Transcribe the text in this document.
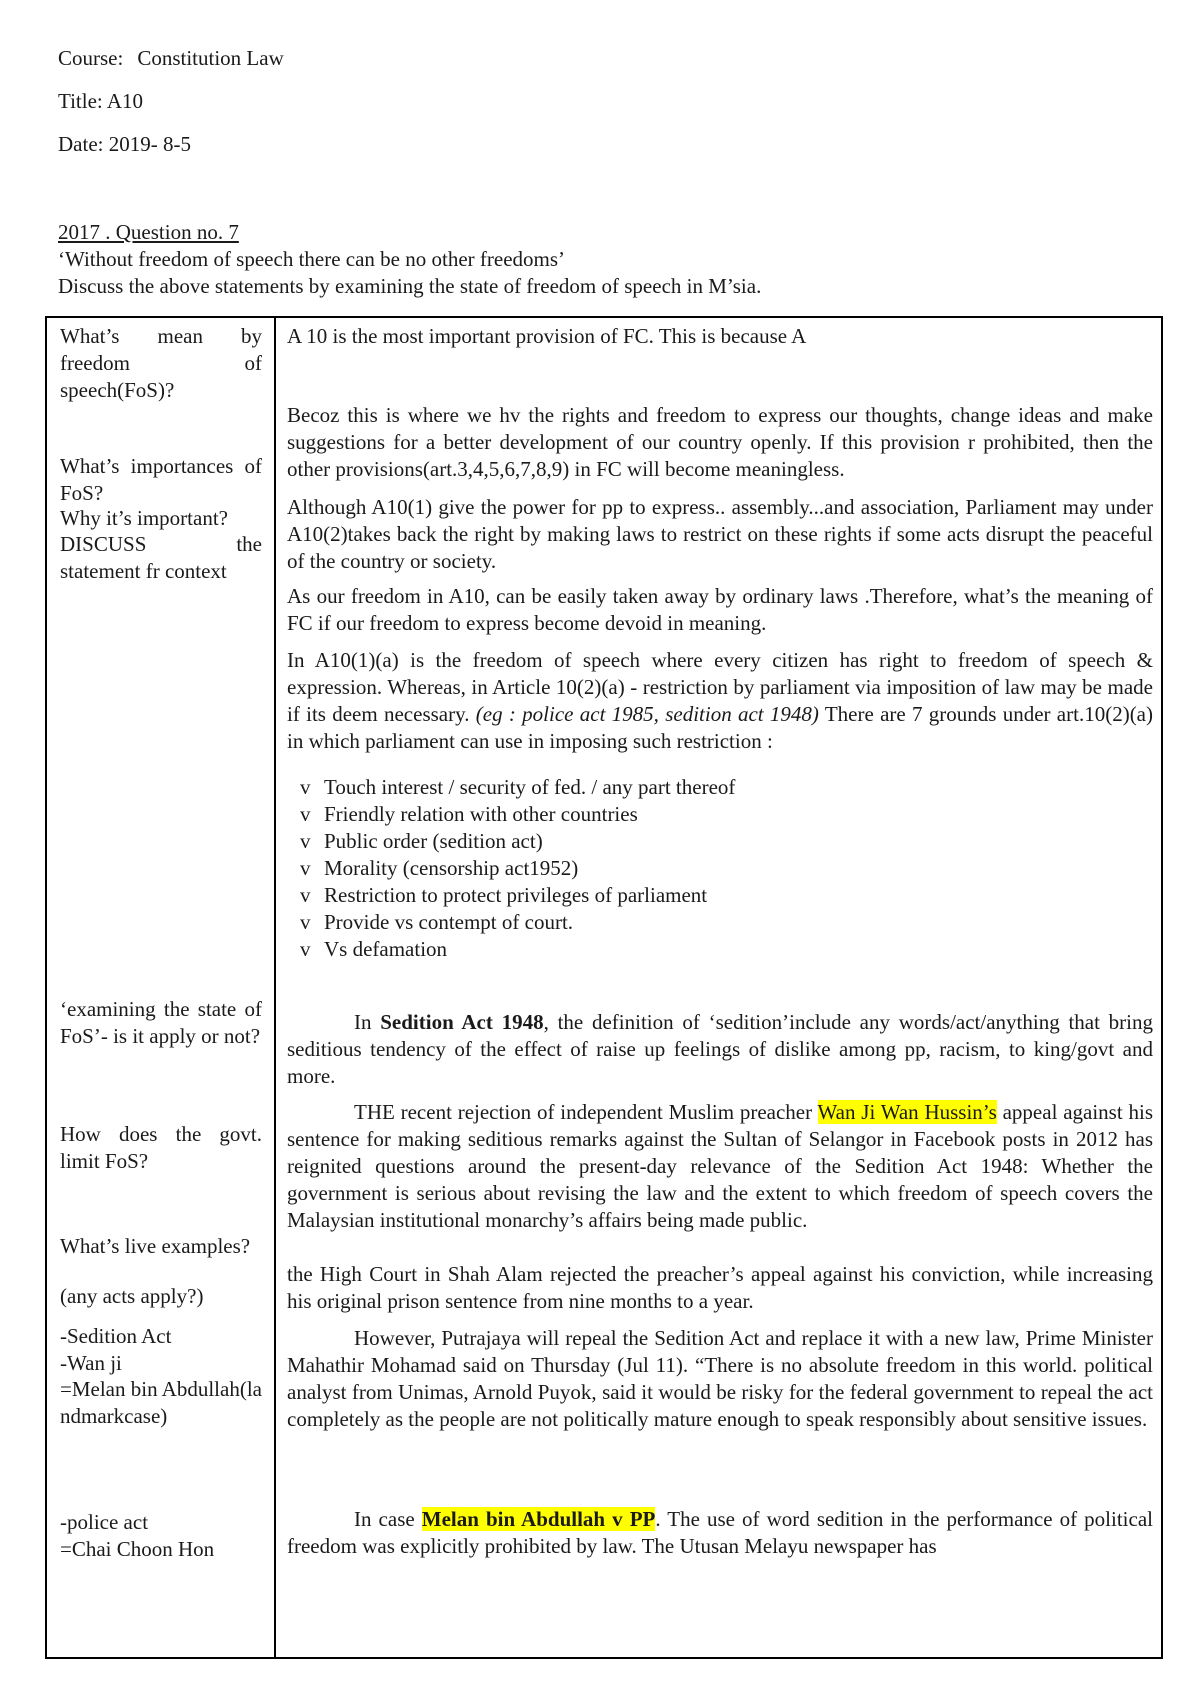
Course: Constitution Law
Title: A10
Date: 2019- 8-5
2017 . Question no. 7
‘Without freedom of speech there can be no other freedoms’
Discuss the above statements by examining the state of freedom of speech in M’sia.

What’s mean by freedom of speech(FoS)?

What’s importances of FoS?

Why it’s important?

DISCUSS the statement fr context

‘examining the state of FoS’- is it apply or not?

How does the govt. limit FoS?

What’s live examples?

(any acts apply?)

-Sedition Act

-Wan ji

=Melan bin Abdullah(landmarkcase)

-police act

=Chai Choon Hon

A 10 is the most important provision of FC. This is because A

Becoz this is where we hv the rights and freedom to express our thoughts, change ideas and make suggestions for a better development of our country openly. If this provision r prohibited, then the other provisions(art.3,4,5,6,7,8,9) in FC will become meaningless.

Although A10(1) give the power for pp to express.. assembly...and association, Parliament may under A10(2)takes back the right by making laws to restrict on these rights if some acts disrupt the peaceful of the country or society.

As our freedom in A10, can be easily taken away by ordinary laws .Therefore, what’s the meaning of FC if our freedom to express become devoid in meaning.

In A10(1)(a) is the freedom of speech where every citizen has right to freedom of speech & expression. Whereas, in Article 10(2)(a) - restriction by parliament via imposition of law may be made if its deem necessary. (eg : police act 1985, sedition act 1948) There are 7 grounds under art.10(2)(a) in which parliament can use in imposing such restriction :

v Touch interest / security of fed. / any part thereof
v Friendly relation with other countries
v Public order (sedition act)
v Morality (censorship act1952)
v Restriction to protect privileges of parliament
v Provide vs contempt of court.
v Vs defamation

In Sedition Act 1948, the definition of ‘sedition’include any words/act/anything that bring seditious tendency of the effect of raise up feelings of dislike among pp, racism, to king/govt and more.

THE recent rejection of independent Muslim preacher Wan Ji Wan Hussin’s appeal against his sentence for making seditious remarks against the Sultan of Selangor in Facebook posts in 2012 has reignited questions around the present-day relevance of the Sedition Act 1948: Whether the government is serious about revising the law and the extent to which freedom of speech covers the Malaysian institutional monarchy’s affairs being made public.

the High Court in Shah Alam rejected the preacher’s appeal against his conviction, while increasing his original prison sentence from nine months to a year.

However, Putrajaya will repeal the Sedition Act and replace it with a new law, Prime Minister Mahathir Mohamad said on Thursday (Jul 11). “There is no absolute freedom in this world. political analyst from Unimas, Arnold Puyok, said it would be risky for the federal government to repeal the act completely as the people are not politically mature enough to speak responsibly about sensitive issues.

In case Melan bin Abdullah v PP. The use of word sedition in the performance of political freedom was explicitly prohibited by law. The Utusan Melayu newspaper has
